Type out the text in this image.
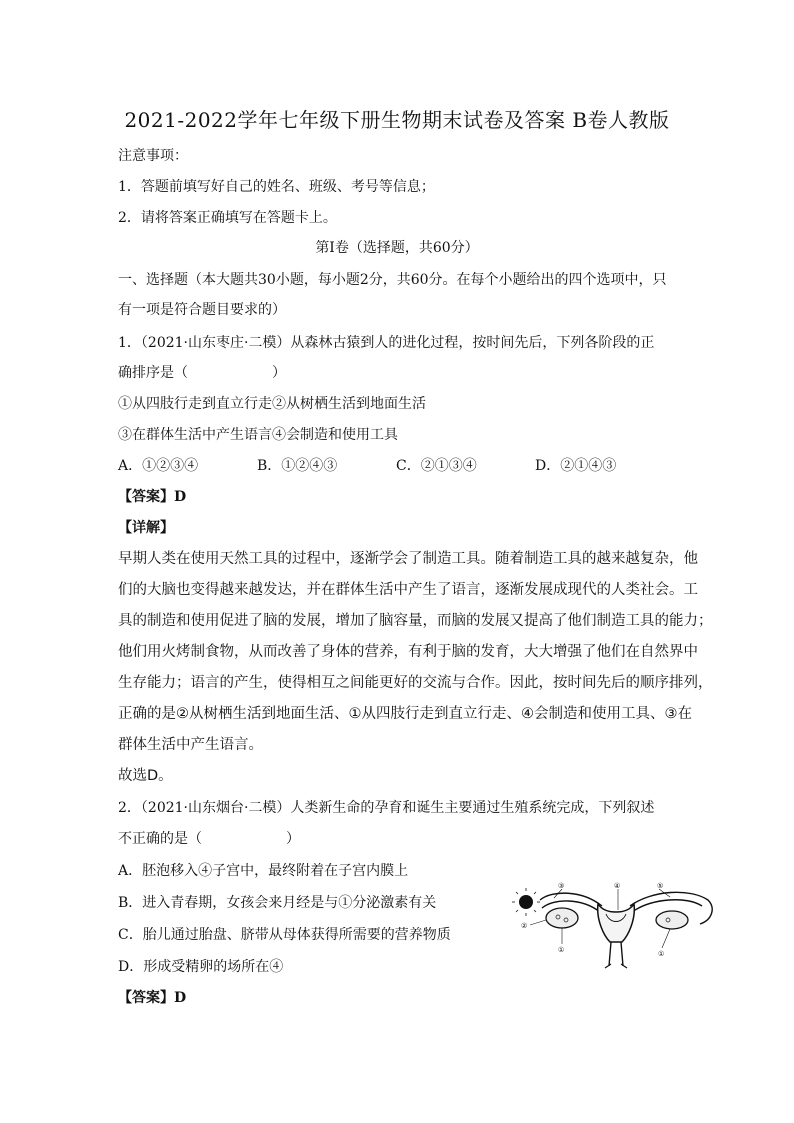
2021-2022学年七年级下册生物期末试卷及答案 B卷人教版
注意事项：
1．答题前填写好自己的姓名、班级、考号等信息；
2．请将答案正确填写在答题卡上。
第I卷（选择题，共60分）
一、选择题（本大题共30小题，每小题2分，共60分。在每个小题给出的四个选项中，只
有一项是符合题目要求的）
1．（2021·山东枣庄·二模）从森林古猿到人的进化过程，按时间先后，下列各阶段的正
确排序是（　　　　　　）
①从四肢行走到直立行走②从树栖生活到地面生活
③在群体生活中产生语言④会制造和使用工具
A．①②③④	B．①②④③	C．②①③④	D．②①④③
【答案】D
【详解】
早期人类在使用天然工具的过程中，逐渐学会了制造工具。随着制造工具的越来越复杂，他
们的大脑也变得越来越发达，并在群体生活中产生了语言，逐渐发展成现代的人类社会。工
具的制造和使用促进了脑的发展，增加了脑容量，而脑的发展又提高了他们制造工具的能力；
他们用火烤制食物，从而改善了身体的营养，有利于脑的发育，大大增强了他们在自然界中
生存能力；语言的产生，使得相互之间能更好的交流与合作。因此，按时间先后的顺序排列，
正确的是②从树栖生活到地面生活、①从四肢行走到直立行走、④会制造和使用工具、③在
群体生活中产生语言。
故选D。
2．（2021·山东烟台·二模）人类新生命的孕育和诞生主要通过生殖系统完成，下列叙述
不正确的是（　　　　　　）
A．胚泡移入④子宫中，最终附着在子宫内膜上
B．进入青春期，女孩会来月经是与①分泌激素有关
C．胎儿通过胎盘、脐带从母体获得所需要的营养物质
D．形成受精卵的场所在④
【答案】D
③	④	⑤
②
①	①
